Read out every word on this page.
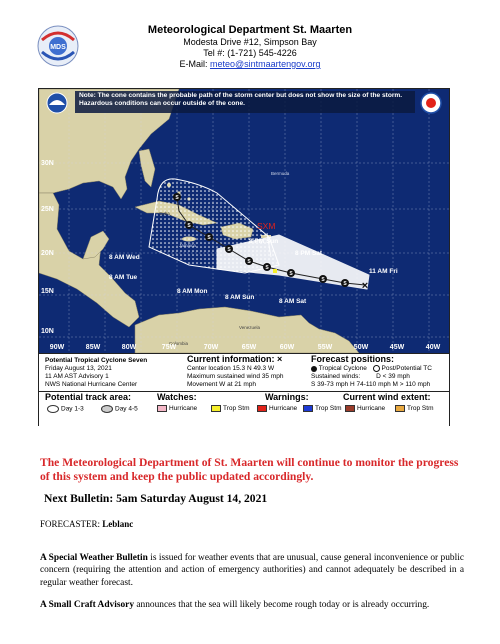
MDS
Meteorological Department St. Maarten
Modesta Drive #12, Simpson Bay
Tel #: (1-721) 545-4226
E-Mail: meteo@sintmaartengov.org
S
S
S
S
S
S
S
S
S
×
SXM
Note: The cone contains the probable path of the storm center but does not show the size of the storm. Hazardous conditions can occur outside of the cone.
11 AM Fri
8 AM Sat
8 PM Sat
8 AM Sun
8 PM Sun
8 AM Mon
8 AM Tue
8 AM Wed
Bermuda
Cuba
Jamaica
Colombia
Venezuela
30N
25N
20N
15N
10N
90W	85W	80W	75W	70W	65W	60W	55W	50W	45W	40W
Potential Tropical Cyclone Seven
Friday August 13, 2021
11 AM AST Advisory 1
NWS National Hurricane Center
Current information: ×
Center location 15.3 N 49.3 W
Maximum sustained wind 35 mph
Movement W at 21 mph
Forecast positions:
Tropical Cyclone Post/Potential TC
Sustained winds: D < 39 mph
S 39-73 mph H 74-110 mph M > 110 mph
Potential track area:
Day 1-3	Day 4-5
Watches:
Hurricane	Trop Stm
Warnings:
Hurricane	Trop Stm
Current wind extent:
Hurricane	Trop Stm
The Meteorological Department of St. Maarten will continue to monitor the progress of this system and keep the public updated accordingly.
Next Bulletin: 5am Saturday August 14, 2021
FORECASTER: Leblanc
A Special Weather Bulletin is issued for weather events that are unusual, cause general inconvenience or public concern (requiring the attention and action of emergency authorities) and cannot adequately be described in a regular weather forecast.
A Small Craft Advisory announces that the sea will likely become rough today or is already occurring.
